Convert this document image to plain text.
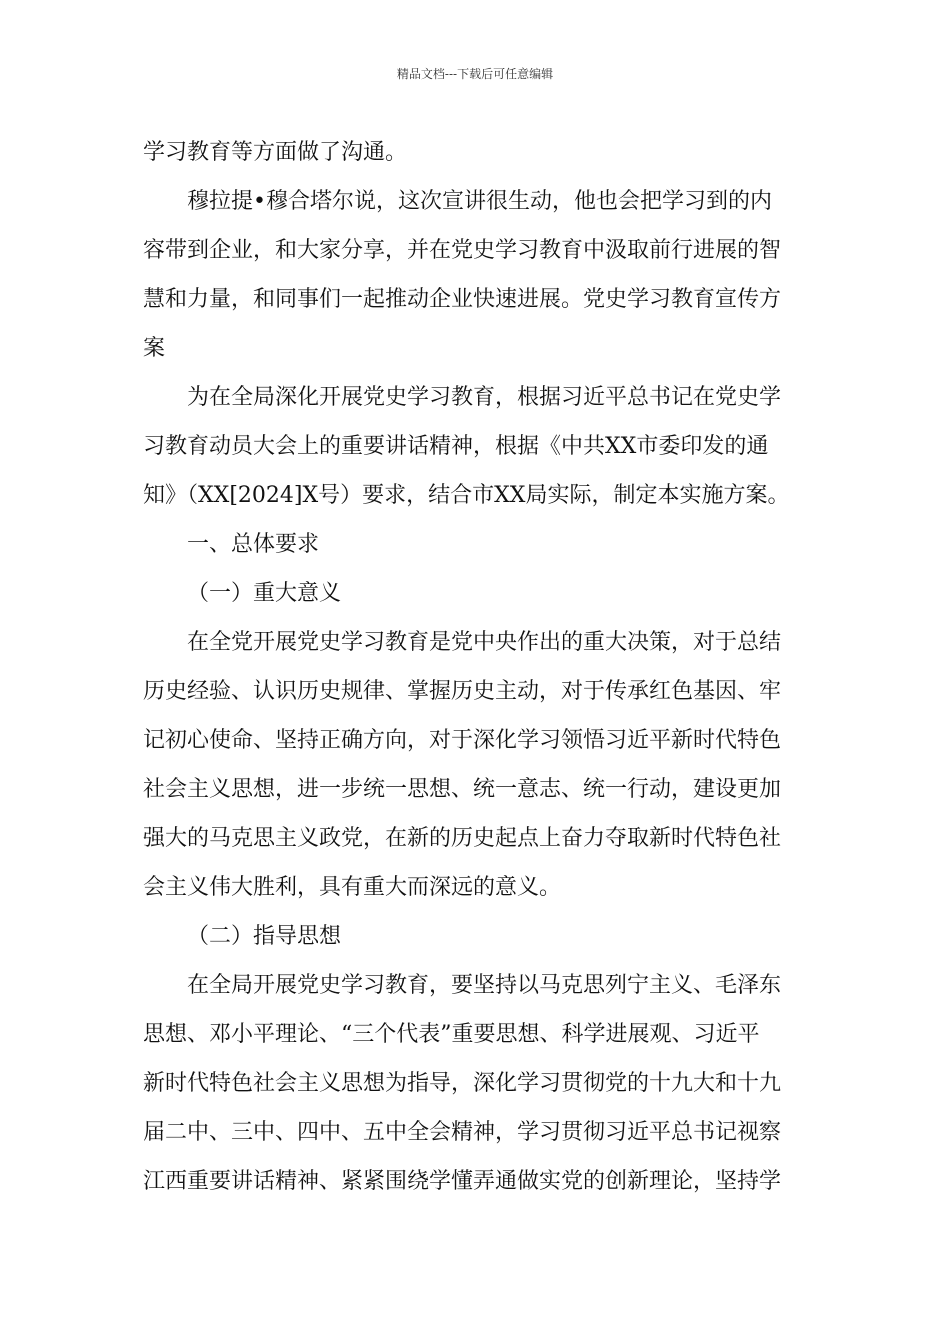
精品文档---下载后可任意编辑
学习教育等方面做了沟通。
穆拉提•穆合塔尔说，这次宣讲很生动，他也会把学习到的内
容带到企业，和大家分享，并在党史学习教育中汲取前行进展的智
慧和力量，和同事们一起推动企业快速进展。党史学习教育宣传方
案
为在全局深化开展党史学习教育，根据习近平总书记在党史学
习教育动员大会上的重要讲话精神，根据《中共XX市委印发的通
知》（XX[2024]X号）要求，结合市XX局实际，制定本实施方案。
一、总体要求
（一）重大意义
在全党开展党史学习教育是党中央作出的重大决策，对于总结
历史经验、认识历史规律、掌握历史主动，对于传承红色基因、牢
记初心使命、坚持正确方向，对于深化学习领悟习近平新时代特色
社会主义思想，进一步统一思想、统一意志、统一行动，建设更加
强大的马克思主义政党，在新的历史起点上奋力夺取新时代特色社
会主义伟大胜利，具有重大而深远的意义。
（二）指导思想
在全局开展党史学习教育，要坚持以马克思列宁主义、毛泽东
思想、邓小平理论、“三个代表”重要思想、科学进展观、习近平
新时代特色社会主义思想为指导，深化学习贯彻党的十九大和十九
届二中、三中、四中、五中全会精神，学习贯彻习近平总书记视察
江西重要讲话精神、紧紧围绕学懂弄通做实党的创新理论，坚持学
